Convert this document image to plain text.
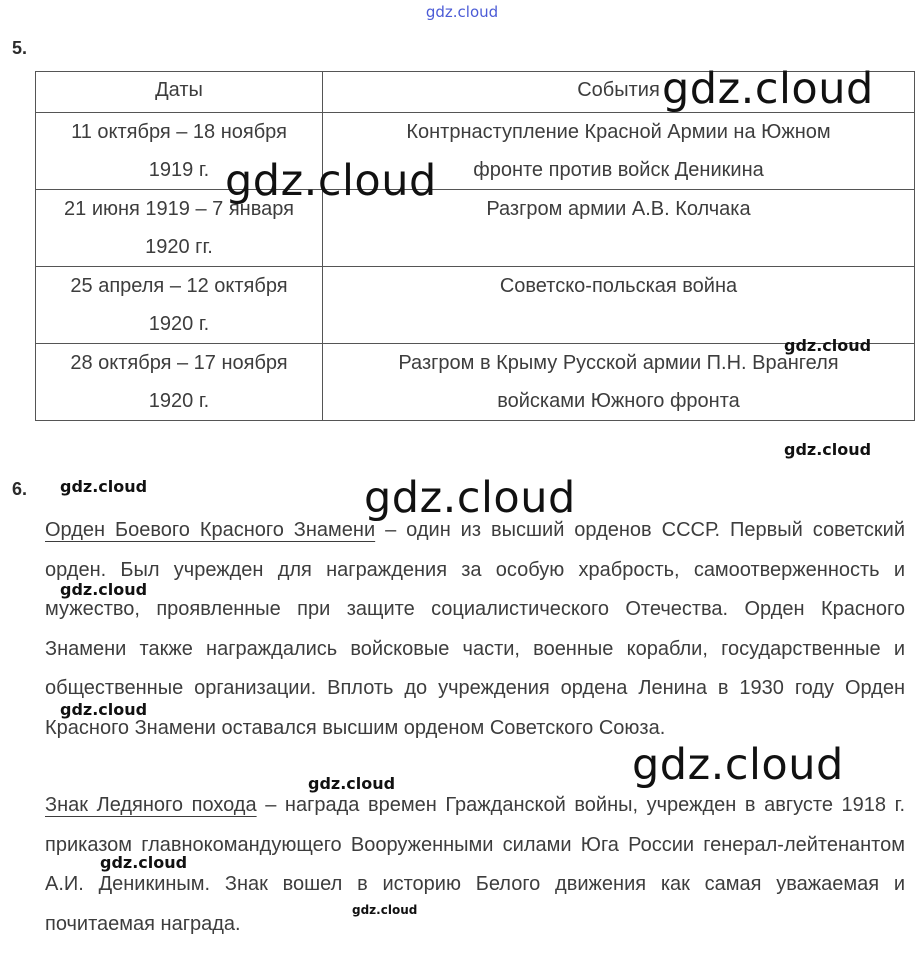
gdz.cloud
5.
Даты	События
11 октября – 18 ноября
1919 г.	Контрнаступление Красной Армии на Южном
фронте против войск Деникина
21 июня 1919 – 7 января
1920 гг.	Разгром армии А.В. Колчака
25 апреля – 12 октября
1920 г.	Советско-польская война
28 октября – 17 ноября
1920 г.	Разгром в Крыму Русской армии П.Н. Врангеля
войсками Южного фронта
6.
Орден Боевого Красного Знамени – один из высший орденов СССР. Первый советский орден. Был учрежден для награждения за особую храбрость, самоотверженность и мужество, проявленные при защите социалистического Отечества. Орден Красного Знамени также награждались войсковые части, военные корабли, государственные и общественные организации. Вплоть до учреждения ордена Ленина в 1930 году Орден Красного Знамени оставался высшим орденом Советского Союза.
Знак Ледяного похода – награда времен Гражданской войны, учрежден в августе 1918 г. приказом главнокомандующего Вооруженными силами Юга России генерал-лейтенантом А.И. Деникиным. Знак вошел в историю Белого движения как самая уважаемая и почитаемая награда.
gdz.cloud
gdz.cloud
gdz.cloud
gdz.cloud
gdz.cloud	gdz.cloud
gdz.cloud
gdz.cloud
gdz.cloud
gdz.cloud
gdz.cloud
gdz.cloud
